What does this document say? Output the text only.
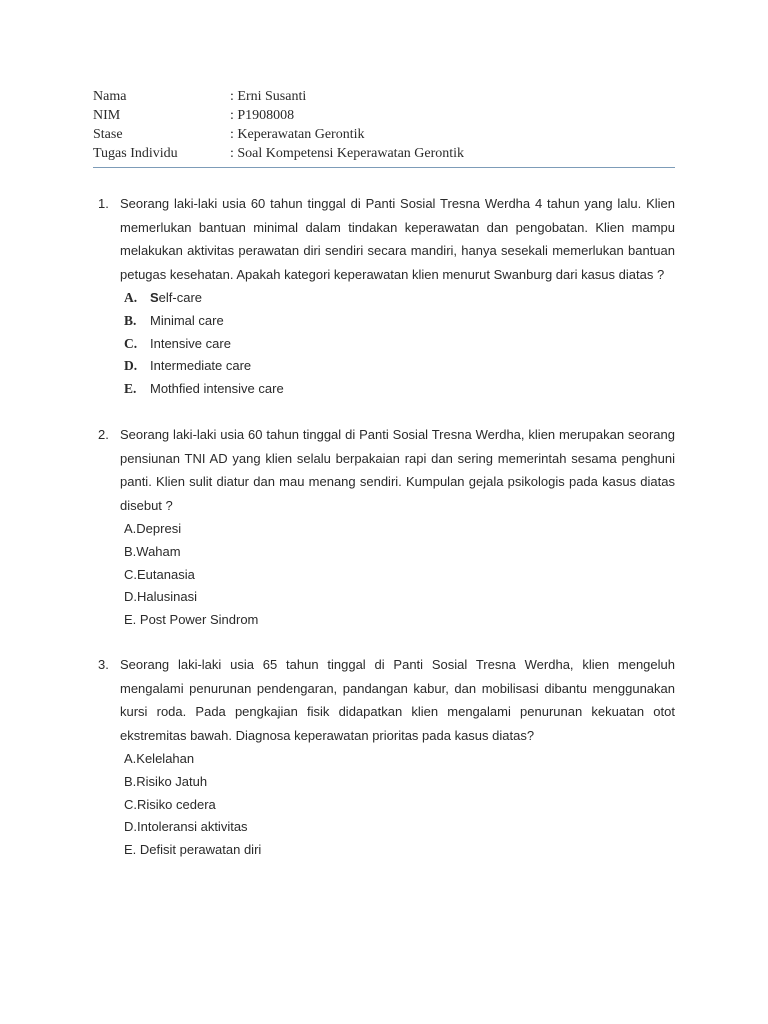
Nama	: Erni Susanti
NIM	: P1908008
Stase	: Keperawatan Gerontik
Tugas Individu	: Soal Kompetensi Keperawatan Gerontik
1. Seorang laki-laki usia 60 tahun tinggal di Panti Sosial Tresna Werdha 4 tahun yang lalu. Klien memerlukan bantuan minimal dalam tindakan keperawatan dan pengobatan. Klien mampu melakukan aktivitas perawatan diri sendiri secara mandiri, hanya sesekali memerlukan bantuan petugas kesehatan. Apakah kategori keperawatan klien menurut Swanburg dari kasus diatas ?
A. Self-care
B.	Minimal care
C. Intensive care
D. Intermediate care
E.	Mothfied intensive care
2. Seorang laki-laki usia 60 tahun tinggal di Panti Sosial Tresna Werdha, klien merupakan seorang pensiunan TNI AD yang klien selalu berpakaian rapi dan sering memerintah sesama penghuni panti. Klien sulit diatur dan mau menang sendiri. Kumpulan gejala psikologis pada kasus diatas disebut ?
A.Depresi
B.Waham
C.Eutanasia
D.Halusinasi
E. Post Power Sindrom
3. Seorang laki-laki usia 65 tahun tinggal di Panti Sosial Tresna Werdha, klien mengeluh mengalami penurunan pendengaran, pandangan kabur, dan mobilisasi dibantu menggunakan kursi roda. Pada pengkajian fisik didapatkan klien mengalami penurunan kekuatan otot ekstremitas bawah. Diagnosa keperawatan prioritas pada kasus diatas?
A.Kelelahan
B.Risiko Jatuh
C.Risiko cedera
D.Intoleransi aktivitas
E. Defisit perawatan diri
